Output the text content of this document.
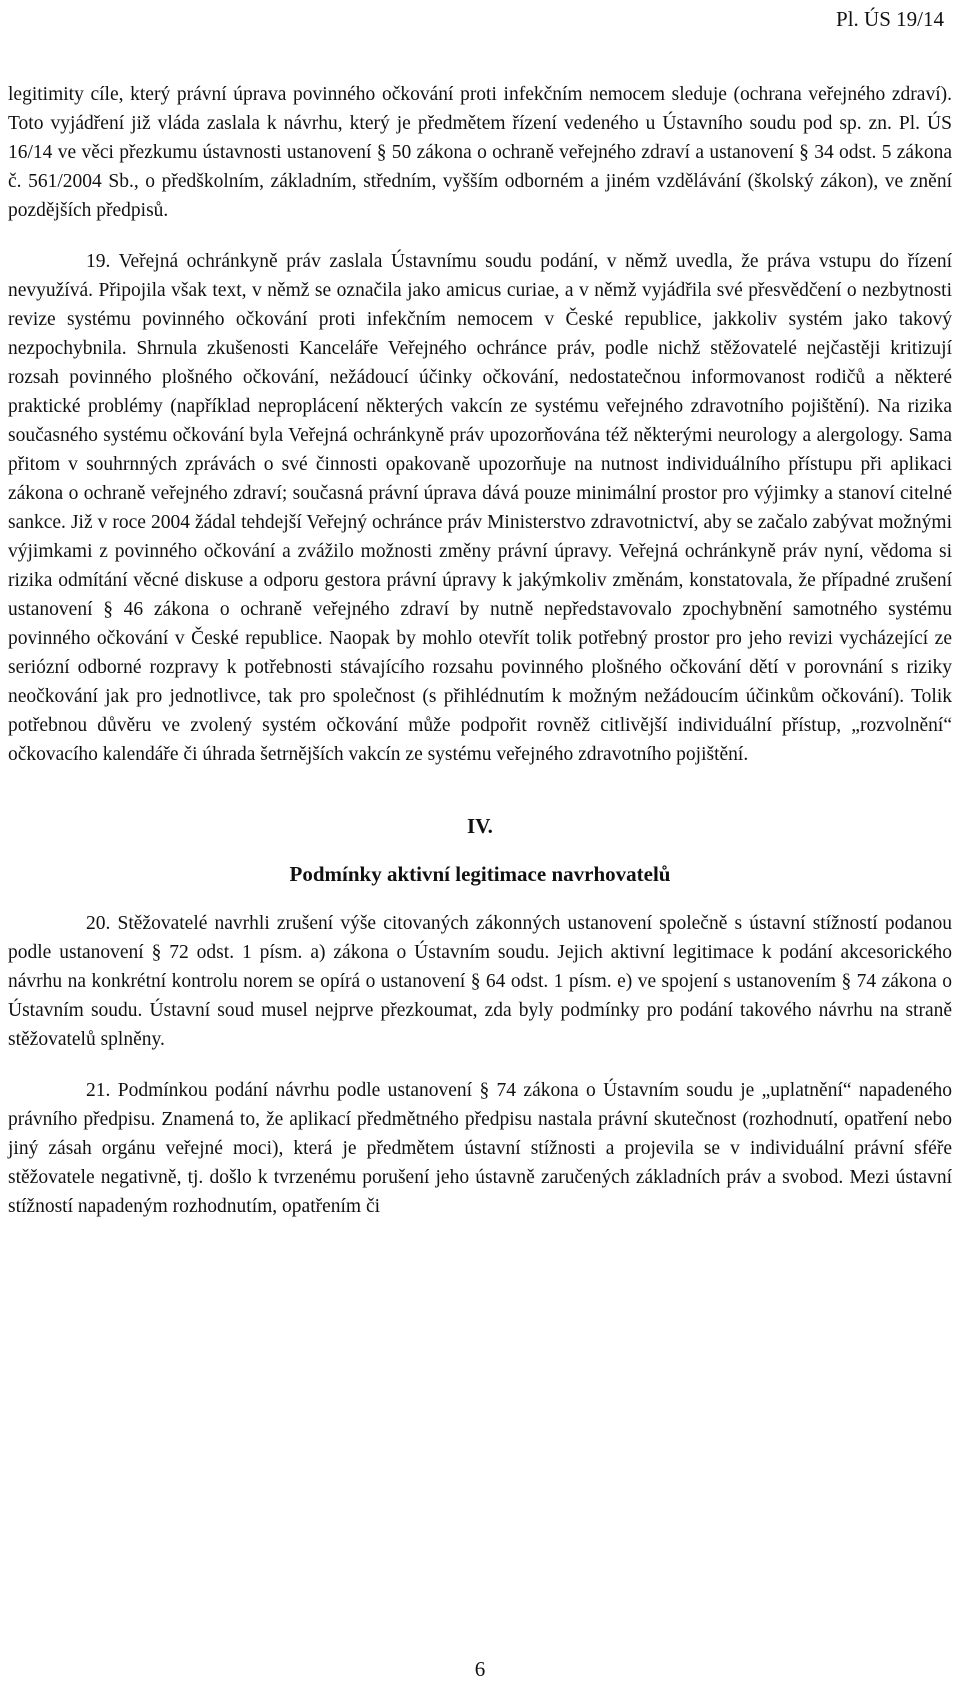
Pl. ÚS 19/14

legitimity cíle, který právní úprava povinného očkování proti infekčním nemocem sleduje (ochrana veřejného zdraví). Toto vyjádření již vláda zaslala k návrhu, který je předmětem řízení vedeného u Ústavního soudu pod sp. zn. Pl. ÚS 16/14 ve věci přezkumu ústavnosti ustanovení § 50 zákona o ochraně veřejného zdraví a ustanovení § 34 odst. 5 zákona č. 561/2004 Sb., o předškolním, základním, středním, vyšším odborném a jiném vzdělávání (školský zákon), ve znění pozdějších předpisů.

19. Veřejná ochránkyně práv zaslala Ústavnímu soudu podání, v němž uvedla, že práva vstupu do řízení nevyužívá. Připojila však text, v němž se označila jako amicus curiae, a v němž vyjádřila své přesvědčení o nezbytnosti revize systému povinného očkování proti infekčním nemocem v České republice, jakkoliv systém jako takový nezpochybnila. Shrnula zkušenosti Kanceláře Veřejného ochránce práv, podle nichž stěžovatelé nejčastěji kritizují rozsah povinného plošného očkování, nežádoucí účinky očkování, nedostatečnou informovanost rodičů a některé praktické problémy (například neproplácení některých vakcín ze systému veřejného zdravotního pojištění). Na rizika současného systému očkování byla Veřejná ochránkyně práv upozorňována též některými neurology a alergology. Sama přitom v souhrnných zprávách o své činnosti opakovaně upozorňuje na nutnost individuálního přístupu při aplikaci zákona o ochraně veřejného zdraví; současná právní úprava dává pouze minimální prostor pro výjimky a stanoví citelné sankce. Již v roce 2004 žádal tehdejší Veřejný ochránce práv Ministerstvo zdravotnictví, aby se začalo zabývat možnými výjimkami z povinného očkování a zvážilo možnosti změny právní úpravy. Veřejná ochránkyně práv nyní, vědoma si rizika odmítání věcné diskuse a odporu gestora právní úpravy k jakýmkoliv změnám, konstatovala, že případné zrušení ustanovení § 46 zákona o ochraně veřejného zdraví by nutně nepředstavovalo zpochybnění samotného systému povinného očkování v České republice. Naopak by mohlo otevřít tolik potřebný prostor pro jeho revizi vycházející ze seriózní odborné rozpravy k potřebnosti stávajícího rozsahu povinného plošného očkování dětí v porovnání s riziky neočkování jak pro jednotlivce, tak pro společnost (s přihlédnutím k možným nežádoucím účinkům očkování). Tolik potřebnou důvěru ve zvolený systém očkování může podpořit rovněž citlivější individuální přístup, „rozvolnění“ očkovacího kalendáře či úhrada šetrnějších vakcín ze systému veřejného zdravotního pojištění.

IV.
Podmínky aktivní legitimace navrhovatelů

20. Stěžovatelé navrhli zrušení výše citovaných zákonných ustanovení společně s ústavní stížností podanou podle ustanovení § 72 odst. 1 písm. a) zákona o Ústavním soudu. Jejich aktivní legitimace k podání akcesorického návrhu na konkrétní kontrolu norem se opírá o ustanovení § 64 odst. 1 písm. e) ve spojení s ustanovením § 74 zákona o Ústavním soudu. Ústavní soud musel nejprve přezkoumat, zda byly podmínky pro podání takového návrhu na straně stěžovatelů splněny.

21. Podmínkou podání návrhu podle ustanovení § 74 zákona o Ústavním soudu je „uplatnění“ napadeného právního předpisu. Znamená to, že aplikací předmětného předpisu nastala právní skutečnost (rozhodnutí, opatření nebo jiný zásah orgánu veřejné moci), která je předmětem ústavní stížnosti a projevila se v individuální právní sféře stěžovatele negativně, tj. došlo k tvrzenému porušení jeho ústavně zaručených základních práv a svobod. Mezi ústavní stížností napadeným rozhodnutím, opatřením či

6
